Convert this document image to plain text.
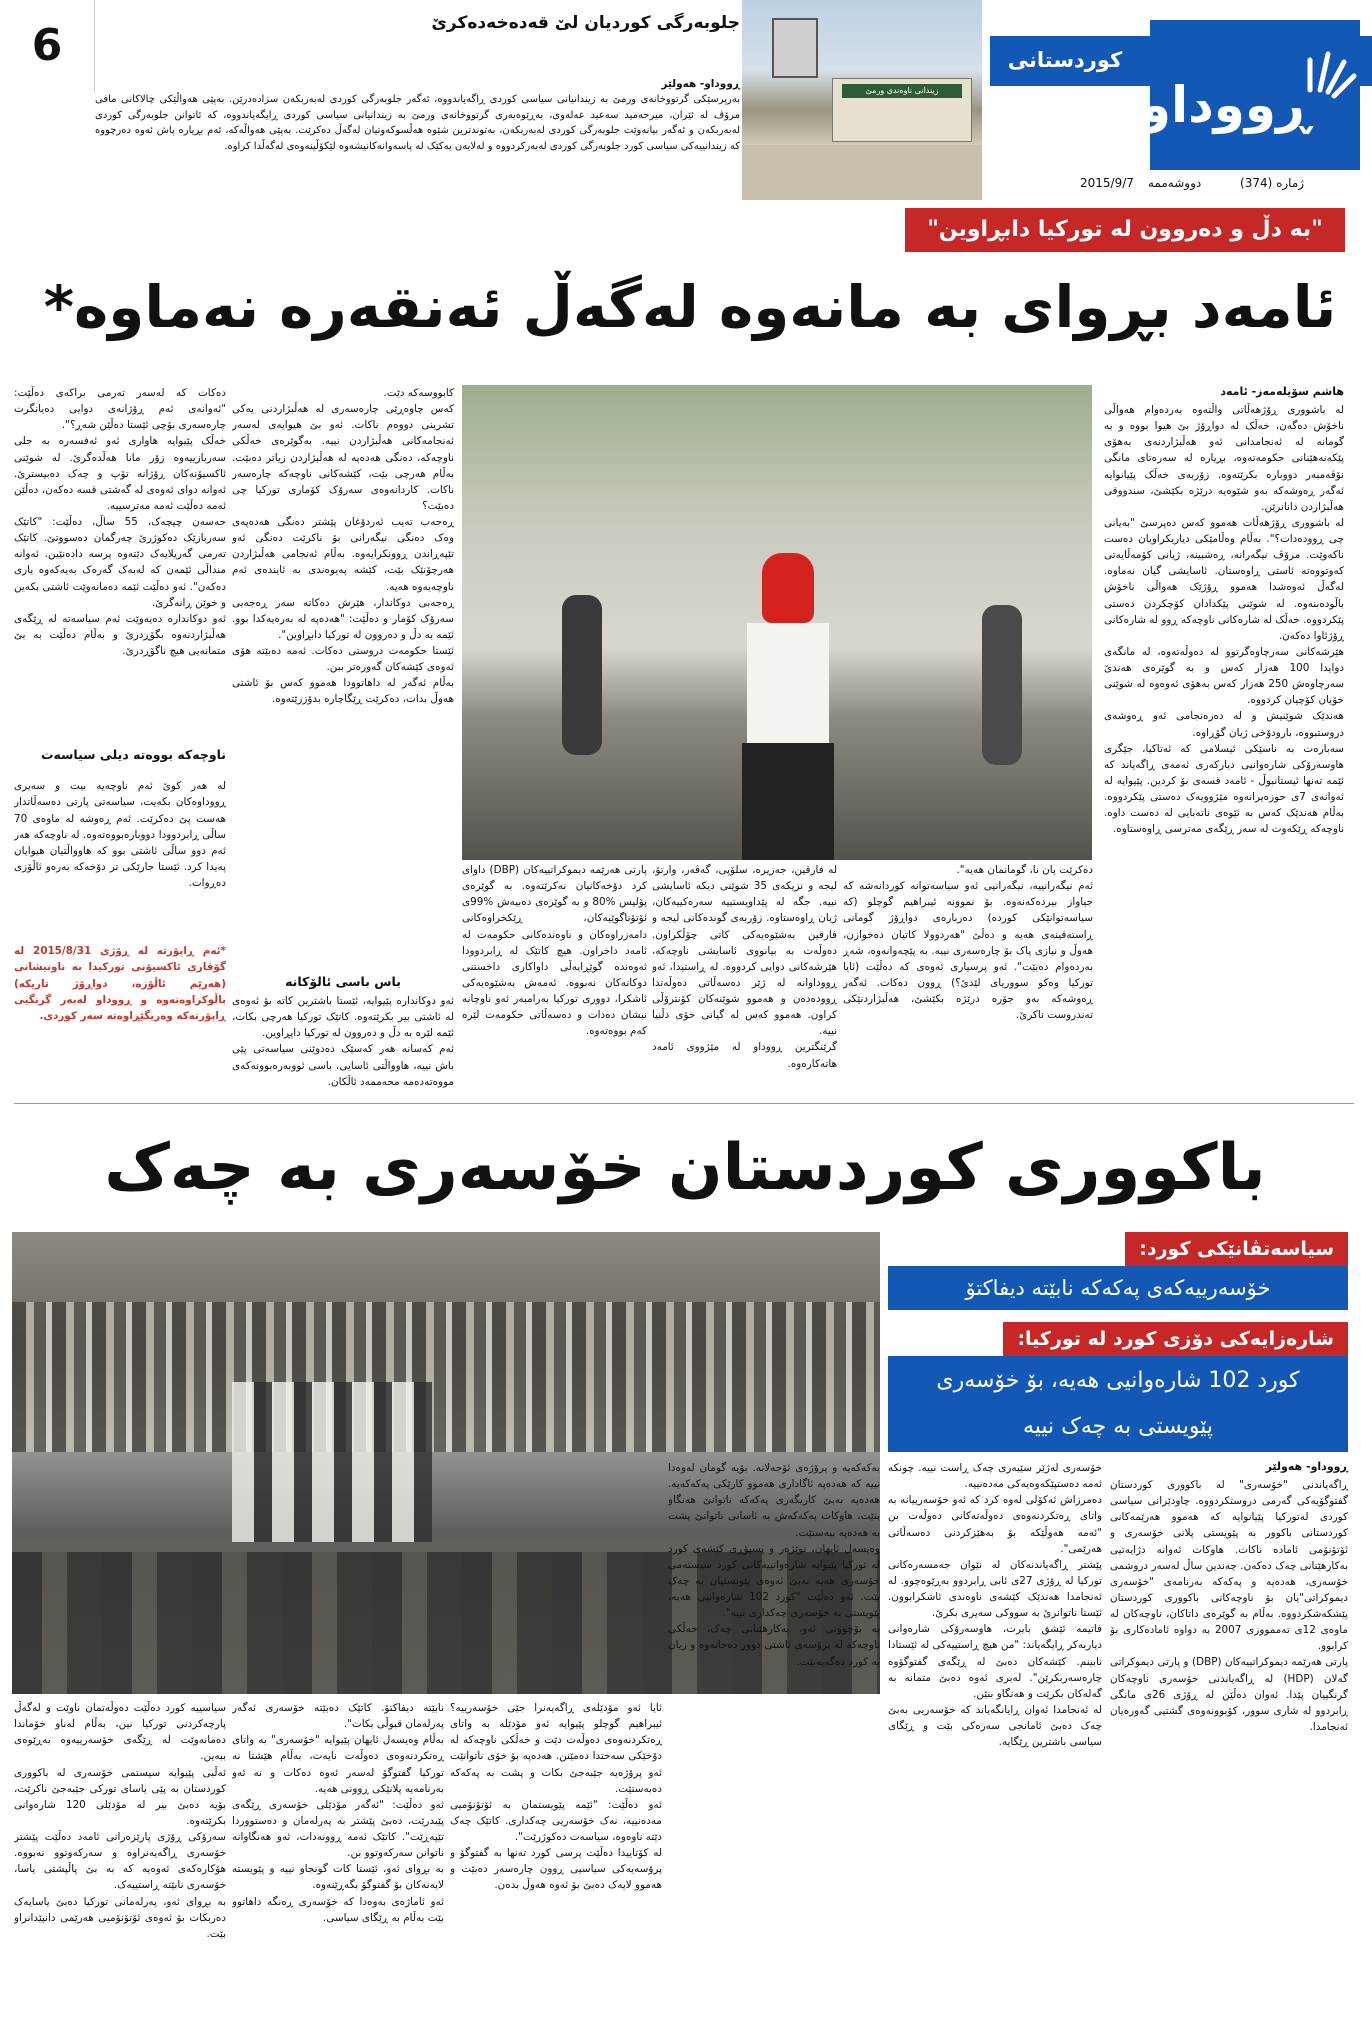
6	جلوبەرگی کوردیان لێ قەدەخەدەکرێ
ڕووداو- هەولێر
بەرپرسێکی گرتووخانەی ورمێ بە زیندانیانی سیاسی کوردی ڕاگەیاندووە، ئەگەر جلوبەرگی کوردی لەبەربکەن سزادەدرێن. بەپێی هەواڵێکی چالاکانی مافی مرۆڤ لە ئێران، میرحەمید سەعید عەلەوی، بەڕێوەبەری گرتووخانەی ورمێ بە زیندانیانی سیاسی کوردی ڕایگەیاندووە، کە ئاتوانن جلوبەرگی کوردی لەبەربکەن و ئەگەر بیانەوێت جلوبەرگی کوردی لەبەربکەن، بەتوندترین شێوە هەڵسوکەوتیان لەگەڵ دەکرێت. بەپێی هەواڵەکە، ئەم بڕیارە پاش ئەوە دەرچووە کە زیندانییەکی سیاسی کورد جلوبەرگی کوردی لەبەرکردووە و لەلایەن یەکێک لە پاسەوانەکانیشەوە لێکۆڵینەوەی لەگەڵدا کراوە.
زیندانی ناوەندی ورمێ
کوردستانی
ڕووداو
2015/9/7 دووشەممە	ژماره (374)
"بە دڵ و دەروون لە تورکیا دابڕاوین"
ئامەد بڕوای بە مانەوە لەگەڵ ئەنقەرە نەماوە*
هاشم سۆیلەمەز- ئامەد
لە باشووری ڕۆژهەڵاتی واڵتەوە بەردەوام هەواڵی ناخۆش دەگەن، خەڵک لە دواڕۆژ بێ هیوا بووە و بە گومانە لە ئەنجامدانی ئەو هەڵبژاردنەی بەهۆی پێکەنەهێنانی حکومەتەوە، بڕیارە لە سەرەتای مانگی نۆڤەمبەر دووبارە بکرێتەوە. زۆربەی خەڵک پێیانوایە ئەگەر ڕەوشەکە بەو شێوەیە درێژە بکێشێ، سندووقی هەڵبژاردن دانانرێن.
لە باشووری ڕۆژهەڵات هەموو کەس دەپرسێ "بەیانی چی ڕوودەدات؟". بەڵام وەڵامێکی دیاریکراویان دەست ناکەوێت. مرۆڤ نیگەرانە، ڕەشبینە، ژیانی کۆمەڵایەتی کەوتووەتە ئاستی ڕاوەستان. ئاسایشی گیان نەماوە. لەگەڵ ئەوەشدا هەموو ڕۆژێک هەواڵی ناخۆش باڵودەبنەوە. لە شوێنی پێکدادان کۆچکردن دەستی پێکردووە. خەڵک لە شارەکانی ناوچەکە ڕوو لە شارەکانی ڕۆژئاوا دەکەن.
هێرشەکانی سەرچاوەگرتوو لە دەوڵەتەوە، لە مانگەی دوایدا 100 هەزار کەس و بە گوێرەی هەندێ سەرچاوەش 250 هەزار کەس بەهۆی ئەوەوە لە شوێنی خۆیان کۆچیان کردووە.
هەندێک شوێنیش و لە دەرەنجامی ئەو ڕەوشەی دروستبووە، بارودۆخی ژیان گۆڕاوە.
سەبارەت بە ناسێکی ئیسلامی کە ئەتاکیا، جێگری هاوسەرۆکی شارەوانیی دیارکەری ئەمەی ڕاگەیاند کە ئێمە تەنها ئیستانبوڵ - ئامەد قسەی بۆ کردین. پێیوایە لە ئەوانەی 7ی حوزەیرانەوە مێژوویەک دەستی پێکردووە. بەڵام هەندێک کەس بە ئێوەی ناتەبایی لە دەست داوە. ناوچەکە ڕێکەوت لە سەر ڕێگەی مەترسی ڕاوەستاوە.
دەکرێت یان نا، گومانمان هەیە".
ئەم نیگەرانییە، نیگەرانیی ئەو سیاسەتوانە کوردانەشە کە جیاواز بیردەکەنەوە. بۆ نموونە ئیبراهیم گوچلو (کە سیاسەتوانێکی کوردە) دەربارەی دواڕۆژ گومانی ڕاستەقینەی هەیە و دەڵێ "هەردوولا کاتیان دەخوازن، هەوڵ و نیازی پاک بۆ چارەسەری نییە. بە پێچەوانەوە، شەڕ بەردەوام دەبێت". ئەو پرسیاری ئەوەی کە دەڵێت (ئایا تورکیا وەکو سووریای لێدێ؟) ڕوون دەکات. ئەگەر ڕەوشەکە بەو جۆرە درێژە بکێشێ، هەڵبژاردنێکی تەندروست ناکرێ.
لە فارقین، جەزیرە، سلۆپی، گەڤەر، وارتۆ، لیجە و نزیکەی 35 شوێنی دیکە ئاسایشی نییە. جگە لە پێداویستییە سەرەکییەکان، ژیان ڕاوەستاوە. زۆربەی گوندەکانی لیجە و فارقین بەشێوەیەکی کاتی چۆڵکراون. دەوڵەت بە بیانووی ئاسایشی ناوچەکە، هێرشەکانی دوایی کردووە. لە ڕاستیدا، ئەو ڕووداوانە لە ژێر دەسەڵاتی دەوڵەتدا ڕوودەدەن و هەموو شوێنەکان کۆنترۆڵی کراون. هەموو کەس لە گیانی خۆی دڵنیا نییە.
گرێنگترین ڕووداو لە مێژووی ئامەد هاتەکارەوە.
پارتی هەرێمە دیموکراتییەکان (DBP) داوای کرد دۆخەکانیان نەکرێتەوە. بە گوێرەی پۆلیس %80 و بە گوێرەی دەبیەش %99ی ئۆتۆناگوێیەکان، ڕێکخراوەکانی دامەزراوەکان و ناوەندەکانی حکومەت لە ئامەد داخراون. هیچ کاتێک لە ڕابردوودا ئەوەندە گوێڕایەڵی داواکاری داخستنی دوکانەکان نەبووە. ئەمەش بەشێوەیەکی ئاشکرا، دووری تورکیا بەرامبەر ئەو ناوچانە نیشان دەدات و دەسەڵاتی حکومەت لێرە کەم بووەتەوە.
کابووسەکە دێت.
کەس چاوەڕێی چارەسەری لە هەڵبژاردنی یەکی تشرینی دووەم ناکات. ئەو بێ هیوایەی لەسەر ئەنجامەکانی هەڵبژاردن نییە. بەگوێرەی خەڵکی ناوچەکە، دەنگی هەدەپە لە هەڵبژاردن زیاتر دەبێت. بەڵام هەرچی بێت، کێشەکانی ناوچەکە چارەسەر ناکات. کاردانەوەی سەرۆک کۆماری تورکیا چی دەبێت؟
ڕەجەب تەیب ئەردۆغان پێشتر دەنگی هەدەپەی وەک دەنگی نیگەرانی بۆ ناکرێت دەنگی ئەو تێپەڕاندن ڕوونکرایەوە. بەڵام ئەنجامی هەڵبژاردن هەرچۆنێک بێت، کێشە پەیوەندی بە ئایندەی ئەم ناوچەیەوە هەیە.
ڕەجەبی دوکاندار، هێرش دەکاتە سەر ڕەجەبی سەرۆک کۆمار و دەڵێت: "هەدەپە لە بەرەیەکدا بوو. ئێمە بە دڵ و دەروون لە تورکیا دابڕاوین".
ئێستا حکومەت دروستی دەکات. ئەمە دەبێتە هۆی ئەوەی کێشەکان گەورەتر ببن.
بەڵام ئەگەر لە داهاتوودا هەموو کەس بۆ ئاشتی هەوڵ بدات، دەکرێت ڕێگاچارە بدۆزرێتەوە.
باس باسی ئالۆکانە
ئەو دوکاندارە پێیوایە، ئێستا باشترین کاتە بۆ ئەوەی لە ئاشتی بیر بکرێتەوە. کاتێک تورکیا هەرچی بکات، ئێمە لێرە بە دڵ و دەروون لە تورکیا داپڕاوین.
ئەم کەسانە هەر کەسێک دەدوێنی سیاسەتی پێی باش نییە، هاوواڵتی ئاسایی، باسی ئووبەرەبوونەکەی مووەتەدەمە محەممەد ئاڵکان.
دەکات کە لەسەر تەرمی براکەی دەڵێت: "ئەوانەی ئەم ڕۆژانەی دوایی دەیانگرت چارەسەری بۆچی ئێستا دەڵێن شەڕ؟".
خەڵک پێیوایە هاواری ئەو ئەفسەرە بە جلی سەربازییەوە زۆر مانا هەڵدەگرێ. لە شوێنی ئاکسیۆنەکان ڕۆژانە تۆپ و چەک دەبیسترێ. ئەوانە دوای ئەوەی لە گەشتی قسە دەکەن، دەڵێن ئەمە دەڵێت ئەمە مەترسییە.
حەسەن چیچەک، 55 ساڵ، دەڵێت: "کاتێک سەربازێک دەکوژرێ چەرگمان دەسووتێ. کاتێک تەرمی گەریلایەک دێتەوە پرسە دادەنێین. ئەوانە منداڵی ئێمەن کە لەبەک گەرەک بەیەکەوە یاری دەکەن". ئەو دەڵێت ئێمە دەمانەوێت ئاشتی بکەین و خوێن ڕانەگرێ.
ئەو دوکاندارە دەیەوێت ئەم سیاسەتە لە ڕێگەی هەڵبژاردنەوە بگۆڕدرێ و بەڵام دەڵێت بە بێ متمانەیی هیچ ناگۆڕدرێ.
ناوچەکە بووەتە دیلی سیاسەت
لە هەر کوێ ئەم ناوچەیە بیت و سەیری ڕووداوەکان بکەیت، سیاسەتی پارتی دەسەڵاتدار هەست پێ دەکرێت. ئەم ڕەوشە لە ماوەی 70 ساڵی ڕابردوودا دووبارەبووەتەوە. لە ناوچەکە هەر ئەم دوو ساڵی ئاشتی بوو کە هاوواڵتیان هیوایان پەیدا کرد. ئێستا جارێکی تر دۆخەکە بەرەو ئاڵۆزی دەڕوات.
*ئەم ڕاپۆرتە لە ڕۆژی 2015/8/31 لە گۆڤاری ئاکسیۆنی تورکیدا بە ناونیشانی (هەرێم ئاڵۆزە، دواڕۆژ تاریکە) باڵوکراوەتەوە و ڕووداو لەبەر گرنگیی ڕاپۆرتەکە وەریگێڕاوەتە سەر کوردی.
باکووری کوردستان خۆسەری بە چەک
سیاسەتڤانێکی کورد:
خۆسەرییەکەی پەکەکە نابێتە دیفاکتۆ
شارەزایەکی دۆزی کورد لە تورکیا:
کورد 102 شارەوانیی هەیە، بۆ خۆسەری پێویستی بە چەک نییە
ڕووداو- هەولێر
ڕاگەیاندنی "خۆسەری" لە باکووری کوردستان گفتوگۆیەکی گەرمی دروستکردووە. چاودێرانی سیاسی کوردی لەتورکیا پێیانوایە کە هەموو هەرێمەکانی کوردستانی باکوور بە پێویستی پلانی خۆسەری و ئۆتۆنۆمی ئامادە ناکات. هاوکات ئەوانە دژایەتیی بەکارهێنانی چەک دەکەن. چەندین ساڵ لەسەر دروشمی خۆسەری، هەدەپە و پەکەکە بەرنامەی "خۆسەری دیموکراتی"یان بۆ ناوچەکانی باکووری کوردستان پێشکەشکردووە. بەڵام بە گوێرەی داتاکان، ناوچەکان لە ماوەی 12ی تەممووزی 2007 بە دواوە ئامادەکاری بۆ کرابوو.
پارتی هەرێمە دیموکراتییەکان (DBP) و پارتی دیموکراتی گەلان (HDP) لە ڕاگەیاندنی خۆسەری ناوچەکان گرنگییان پێدا. ئەوان دەڵێن لە ڕۆژی 26ی مانگی ڕابردوو لە شاری سوور، کۆبوونەوەی گشتیی گەورەیان ئەنجامدا.
خۆسەری لەژێر سێبەری چەک ڕاست نییە. چونکە ئەمە دەستپێکەوەیەکی مەدەنییە.
دەمرزاش ئەکۆلی لەوە کرد کە ئەو خۆسەرییانە بە واتای ڕەتکردنەوەی دەوڵەتەکانی دەوڵەت بن "ئەمە هەوڵێکە بۆ بەهێزکردنی دەسەڵاتی هەرێمی".
پێشتر ڕاگەیاندنەکان لە نێوان جەمسەرەکانی تورکیا لە ڕۆژی 27ی ئابی ڕابردوو بەڕێوەچوو. لە ئەنجامدا هەندێک کێشەی ناوەندی ئاشکرابوون. ئێستا ناتوانرێ بە سووکی سەیری بکرێ.
فاتیمە ئێشق بایرت، هاوسەرۆکی شارەوانی دیاربەکر ڕایگەیاند: "من هیچ ڕاستییەکی لە ئێستادا نابینم. کێشەکان دەبێ لە ڕێگەی گفتوگۆوە چارەسەربکرێن". لەبری ئەوە دەبێ متمانە بە گەلەکان بکرێت و هەنگاو بنێن.
لە ئەنجامدا ئەوان ڕایانگەیاند کە خۆسەریی بەبێ چەک دەبێ ئامانجی سەرەکی بێت و ڕێگای سیاسی باشترین ڕێگایە.
بەکەکەیە و پرۆژەی ئۆجەلانە. بۆیە گومان لەوەدا نییە کە هەدەپە ئاگاداری هەموو کارێکی پەکەکەیە. هەدەپە بەبێ کاریگەری پەکەکە ناتوانێ هەنگاو بنێت، هاوکات پەکەکەش بە ئاسانی ناتوانێ پشت بە هەدەپە ببەستێت.
وەیسەل ئایهان، توێژەر و پسپۆڕی کێشەی کورد لە تورکیا پێیوایە شارەوانییەکانی کورد سیستەمی خۆسەری هەیە بەبێ ئەوەی پێویستیان بە چەک بێت. ئەو دەڵێت "کورد 102 شارەوانیی هەیە، پێویستی بە خۆسەری چەکداری نییە".
بە بۆچوونی ئەو، بەکارهێنانی چەک، خەڵکی ناوچەکە لە پرۆسەی ئاشتی دوور دەخاتەوە و زیان بە کورد دەگەیەنێت.
ئایا ئەو مۆدێلەی ڕاگەیەنرا جێی خۆسەرییە؟ ئیبراهیم گوچلو پێیوایە ئەو مۆدێلە بە واتای ڕەتکردنەوەی دەوڵەت دێت و خەڵکی ناوچەکە لە دۆخێکی سەختدا دەمێنن. هەدەپە بۆ خۆی ناتوانێت ئەو پرۆژەیە جێبەجێ بکات و پشت بە پەکەکە دەبەستێت.
ئەو دەڵێت: "ئێمە پێویستمان بە ئۆتۆنۆمیی مەدەنییە، نەک خۆسەریی چەکداری. کاتێک چەک دێتە ناوەوە، سیاسەت دەکوژرێت".
لە کۆتاییدا دەڵێت پرسی کورد تەنها بە گفتوگۆ و پرۆسەیەکی سیاسیی ڕوون چارەسەر دەبێت و هەموو لایەک دەبێ بۆ ئەوە هەوڵ بدەن.
نابێتە دیفاکتۆ. کاتێک دەبێتە خۆسەری ئەگەر پەرلەمان قبوڵی بکات".
بەڵام وەیسەل ئایهان پێیوایە "خۆسەری" بە واتای ڕەتکردنەوەی دەوڵەت نایەت، بەڵام هێشتا نە تورکیا گفتوگۆ لەسەر ئەوە دەکات و نە ئەو بەرنامەیە پلانێکی ڕوونی هەیە.
ئەو دەڵێت: "ئەگەر مۆدێلی خۆسەری ڕێگەی پێبدرێت، دەبێ پێشتر بە پەرلەمان و دەستووردا تێپەڕێت". کاتێک ئەمە ڕوونەدات، ئەو هەنگاوانە ناتوانن سەرکەوتوو بن.
بە بڕوای ئەو، ئێستا کات گونجاو نییە و پێویستە لایەنەکان بۆ گفتوگۆ بگەڕێنەوە.
ئەو ئاماژەی بەوەدا کە خۆسەری ڕەنگە داهاتوو بێت بەڵام بە ڕێگای سیاسی.
سیاسییە کورد دەڵێت دەوڵەتمان ناوێت و لەگەڵ پارچەکردنی تورکیا نین، بەڵام لەناو خۆماندا دەمانەوێت لە ڕێگەی خۆسەرییەوە بەڕێوەی ببەین.
ئەڵبی پێیوایە سیستمی خۆسەری لە باکووری کوردستان بە پێی یاسای تورکی جێبەجێ ناکرێت، بۆیە دەبێ بیر لە مۆدێلی 120 شارەوانی بکرێتەوە.
سەرۆکی ڕۆژی پارێزەرانی ئامەد دەڵێت پێشتر خۆسەری ڕاگەیەنراوە و سەرکەوتوو نەبووە. هۆکارەکەی ئەوەیە کە بە بێ پاڵپشتی یاسا، خۆسەری نابێتە ڕاستییەک.
بە بڕوای ئەو، پەرلەمانی تورکیا دەبێ یاسایەک دەربکات بۆ ئەوەی ئۆتۆنۆمیی هەرێمی دانپێدانراو بێت.
